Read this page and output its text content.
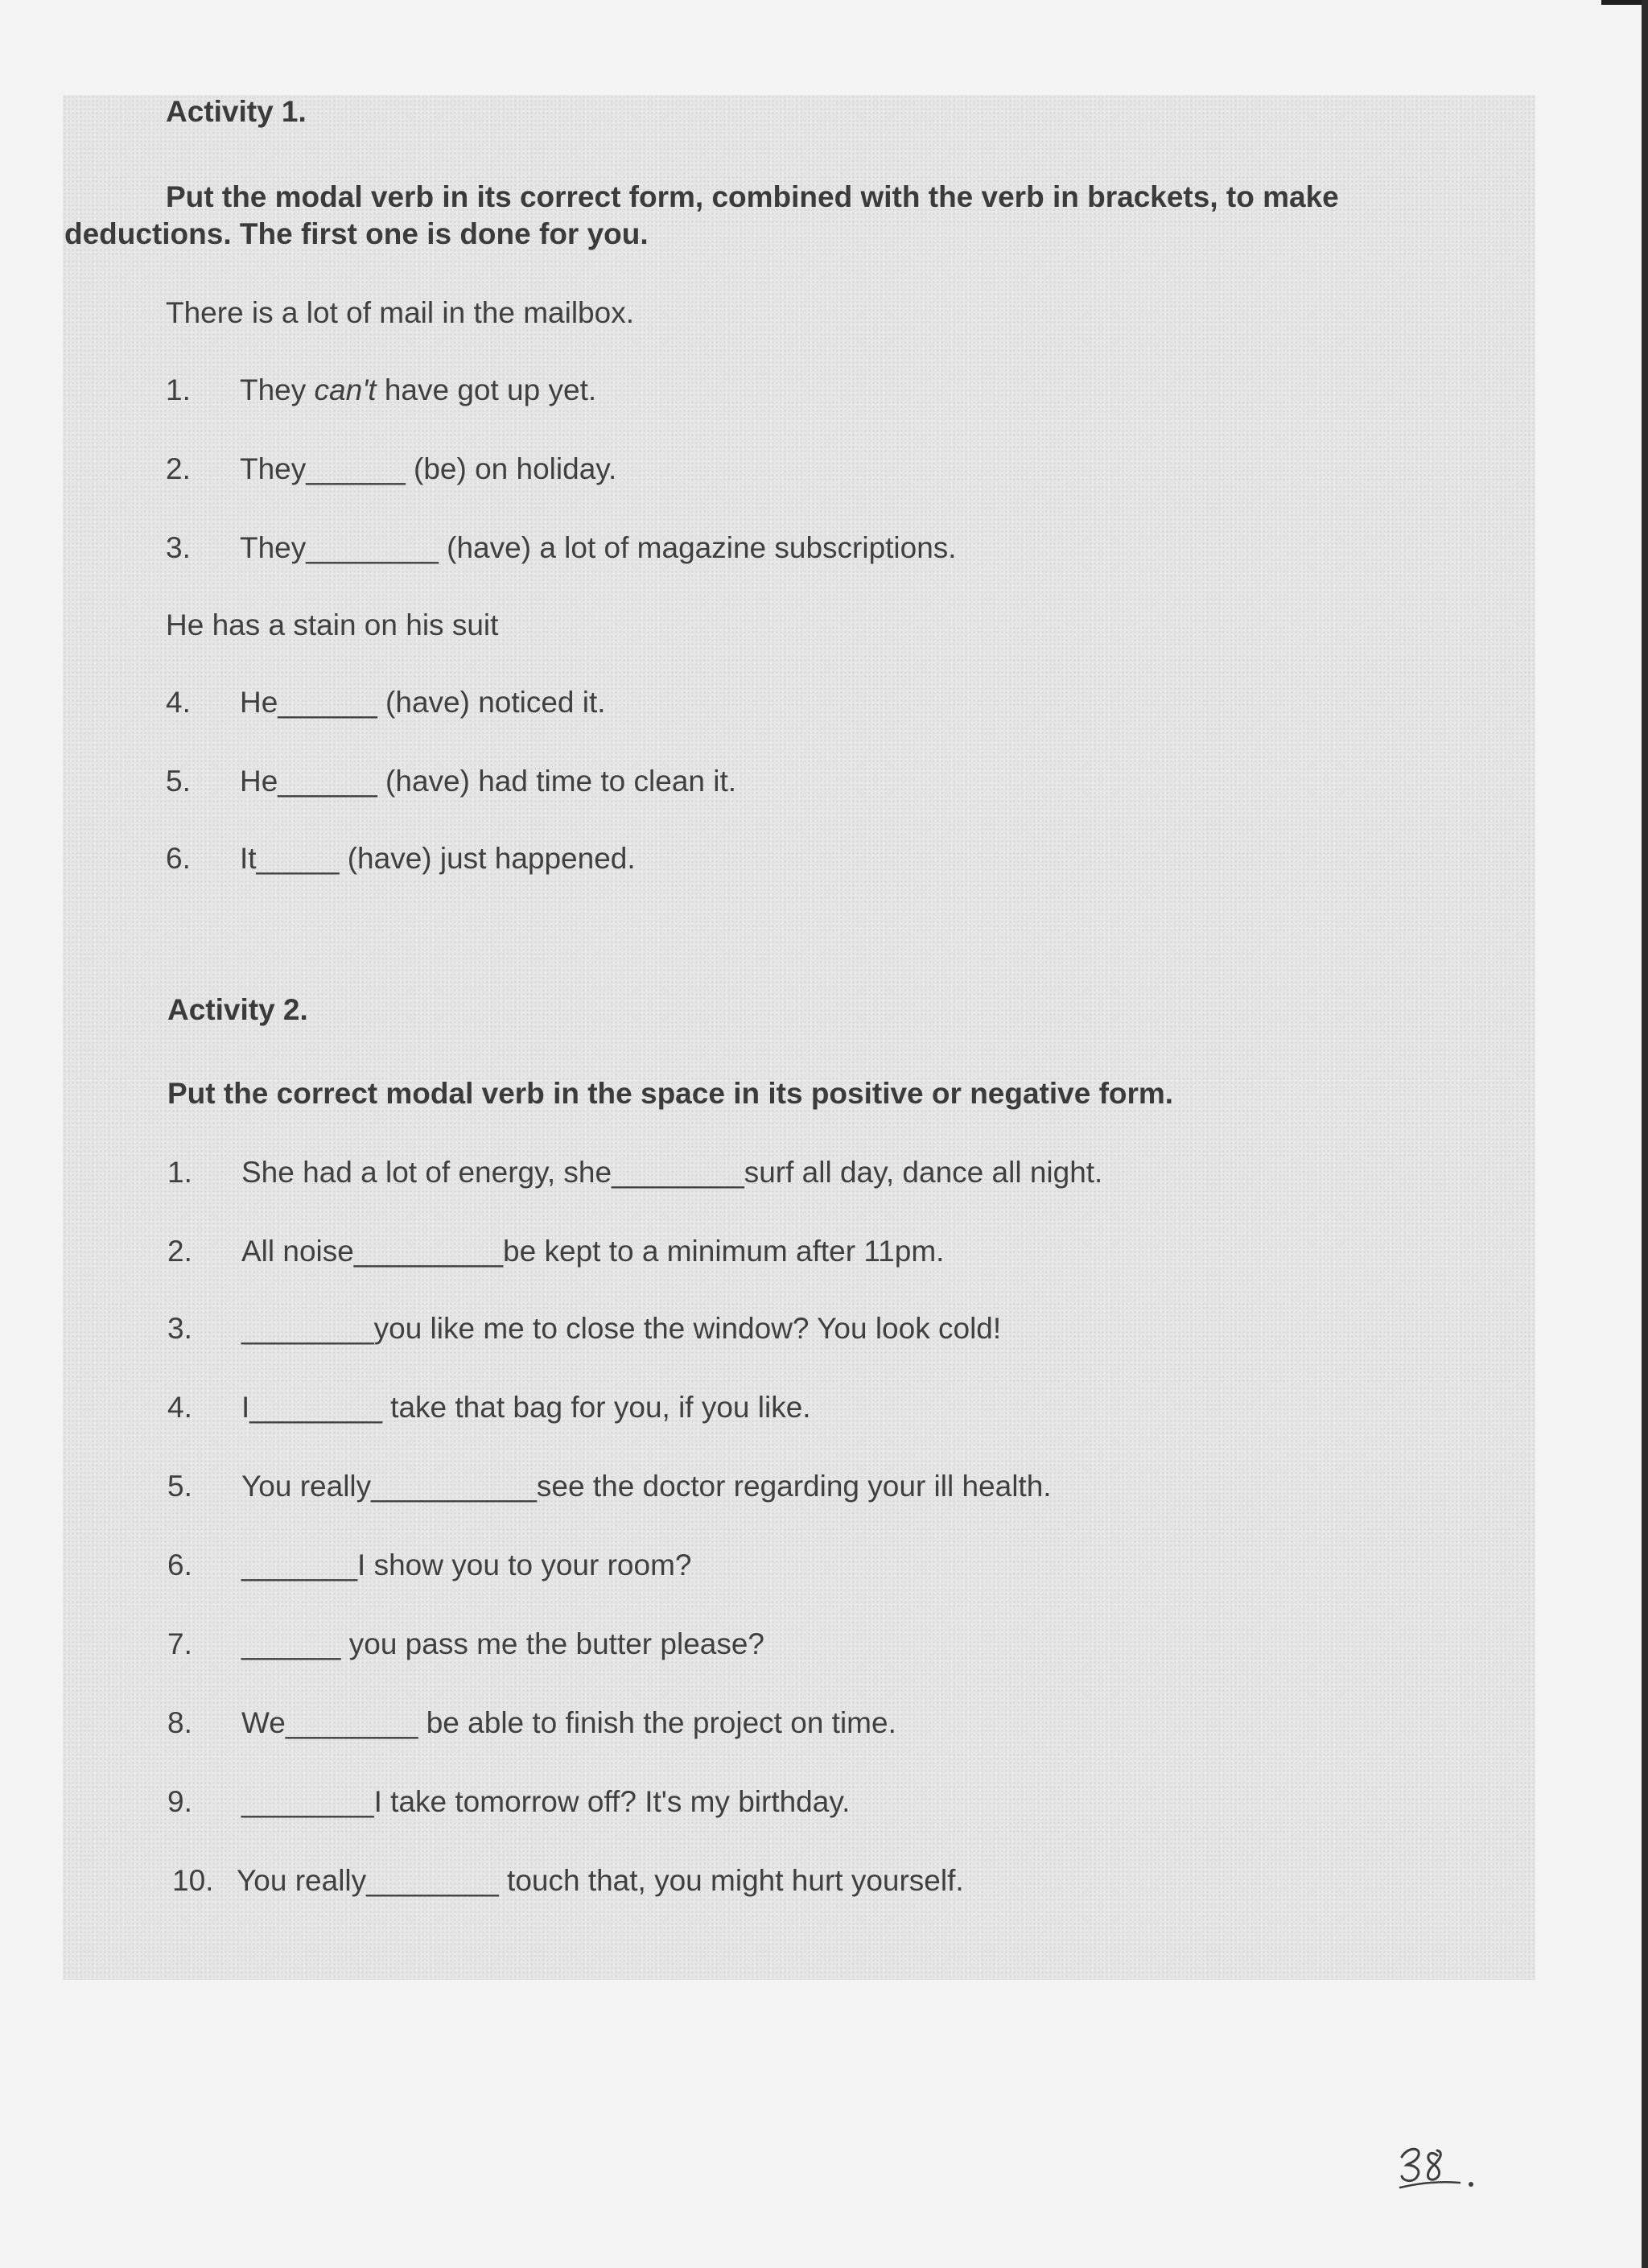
Activity 1.

Put the modal verb in its correct form, combined with the verb in brackets, to make

deductions. The first one is done for you.

There is a lot of mail in the mailbox.

1. They can't have got up yet.
2. They______ (be) on holiday.
3. They________ (have) a lot of magazine subscriptions.

He has a stain on his suit

4. He______ (have) noticed it.
5. He______ (have) had time to clean it.
6. It_____ (have) just happened.

Activity 2.

Put the correct modal verb in the space in its positive or negative form.

1. She had a lot of energy, she________surf all day, dance all night.
2. All noise_________be kept to a minimum after 11pm.
3. ________you like me to close the window? You look cold!
4. I________ take that bag for you, if you like.
5. You really__________see the doctor regarding your ill health.
6. _______I show you to your room?
7. ______ you pass me the butter please?
8. We________ be able to finish the project on time.
9. ________I take tomorrow off? It's my birthday.
10. You really________ touch that, you might hurt yourself.
